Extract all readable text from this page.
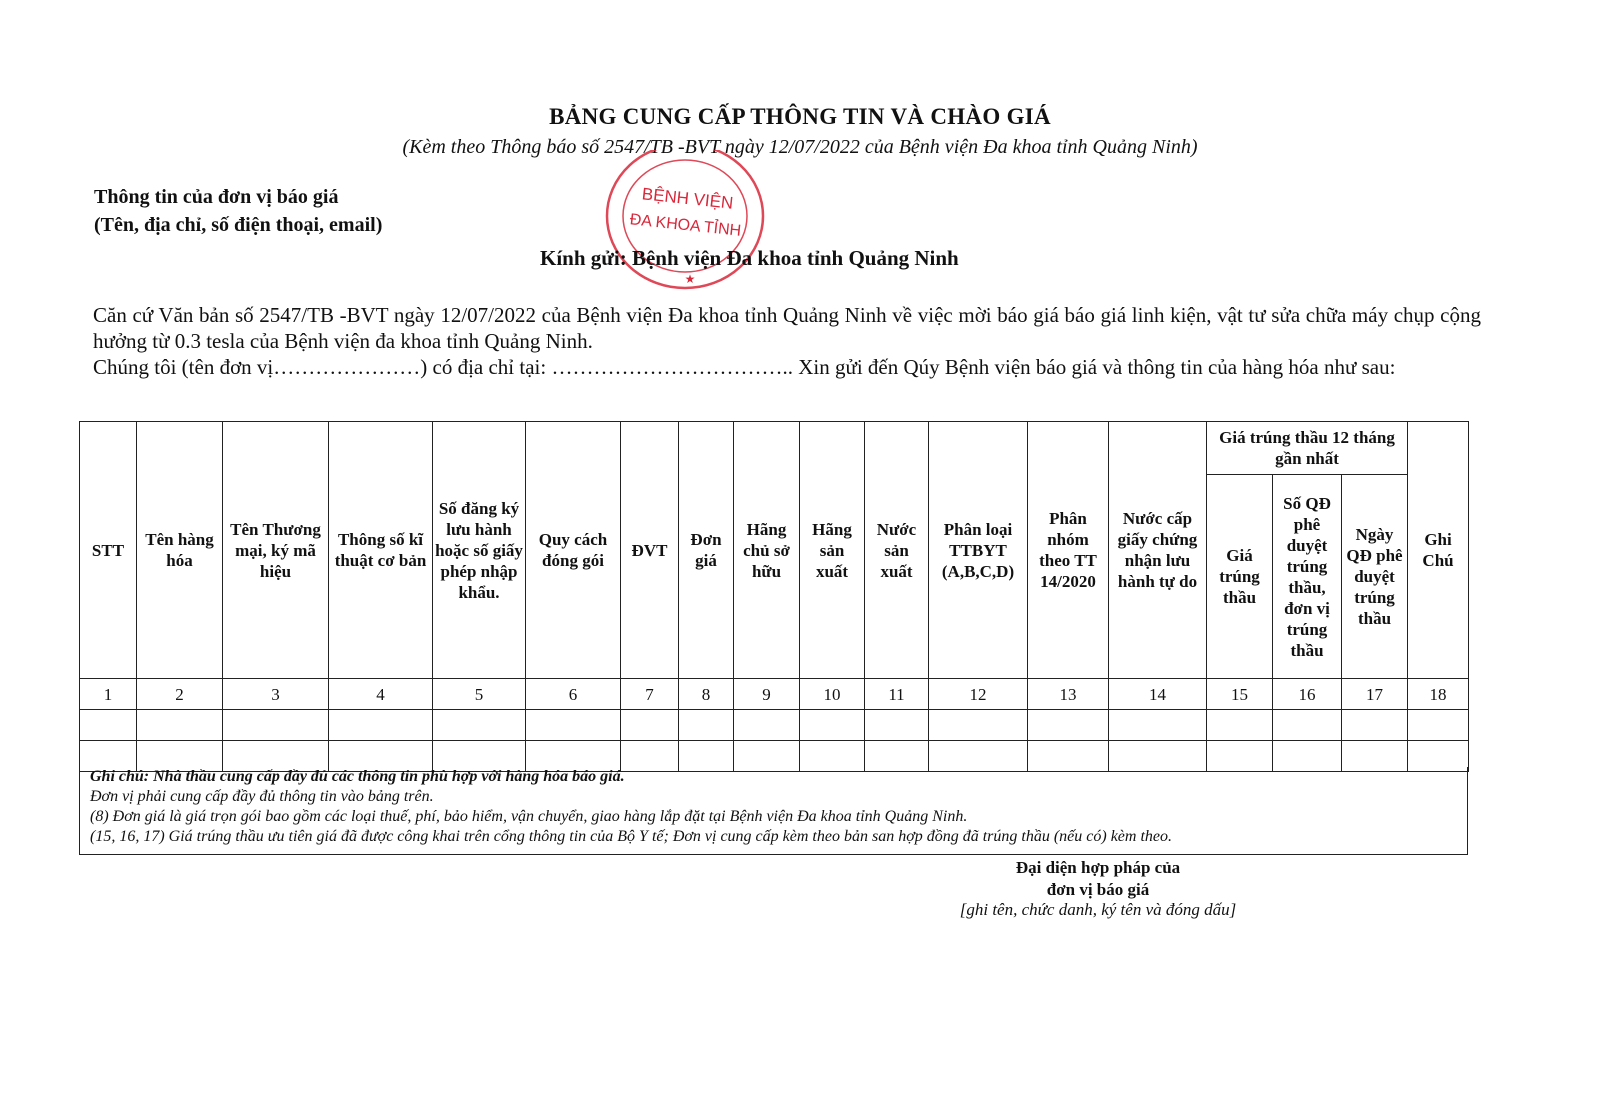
BẢNG CUNG CẤP THÔNG TIN VÀ CHÀO GIÁ
(Kèm theo Thông báo số 2547/TB -BVT ngày 12/07/2022 của Bệnh viện Đa khoa tỉnh Quảng Ninh)
Thông tin của đơn vị báo giá
(Tên, địa chỉ, số điện thoại, email)
BỆNH VIỆN
ĐA KHOA TỈNH
★
Kính gửi: Bệnh viện Đa khoa tỉnh Quảng Ninh

Căn cứ Văn bản số 2547/TB -BVT ngày 12/07/2022 của Bệnh viện Đa khoa tỉnh Quảng Ninh về việc mời báo giá báo giá linh kiện, vật tư sửa chữa máy chụp cộng hưởng từ 0.3 tesla của Bệnh viện đa khoa tỉnh Quảng Ninh.

Chúng tôi (tên đơn vị…………………) có địa chỉ tại: …………………………….. Xin gửi đến Qúy Bệnh viện báo giá và thông tin của hàng hóa như sau:

STT	Tên hàng hóa	Tên Thương mại, ký mã hiệu	Thông số kĩ thuật cơ bản	Số đăng ký lưu hành hoặc số giấy phép nhập khẩu.	Quy cách đóng gói	ĐVT	Đơn giá	Hãng chủ sở hữu	Hãng sản xuất	Nước sản xuất	Phân loại TTBYT (A,B,C,D)	Phân nhóm theo TT 14/2020	Nước cấp giấy chứng nhận lưu hành tự do	Giá trúng thầu 12 tháng gần nhất			Ghi Chú
														Giá trúng thầu	Số QĐ phê duyệt trúng thầu, đơn vị trúng thầu	Ngày QĐ phê duyệt trúng thầu	
1	2	3	4	5	6	7	8	9	10	11	12	13	14	15	16	17	18

Ghi chú: Nhà thầu cung cấp đầy đủ các thông tin phù hợp với hàng hóa báo giá.

Đơn vị phải cung cấp đầy đủ thông tin vào bảng trên.

(8) Đơn giá là giá trọn gói bao gồm các loại thuế, phí, bảo hiểm, vận chuyển, giao hàng lắp đặt tại Bệnh viện Đa khoa tỉnh Quảng Ninh.

(15, 16, 17) Giá trúng thầu ưu tiên giá đã được công khai trên cổng thông tin của Bộ Y tế; Đơn vị cung cấp kèm theo bản san hợp đồng đã trúng thầu (nếu có) kèm theo.

Đại diện hợp pháp của
đơn vị báo giá
[ghi tên, chức danh, ký tên và đóng dấu]
